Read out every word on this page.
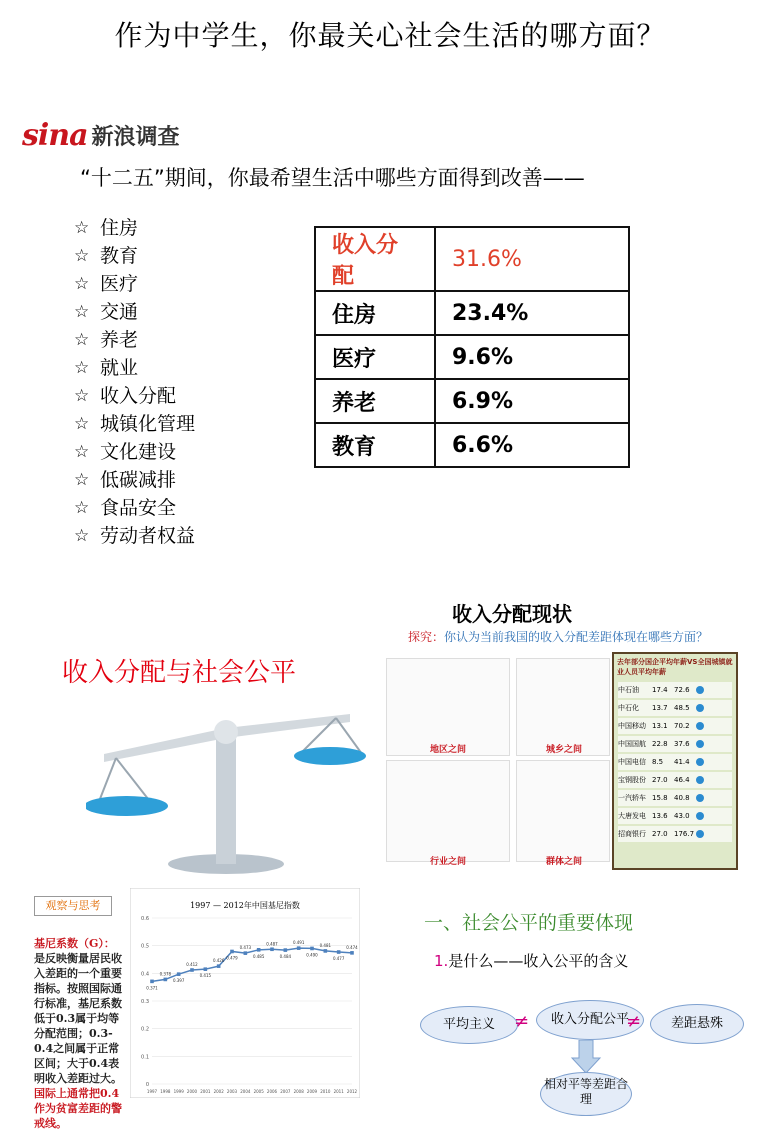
作为中学生，你最关心社会生活的哪方面？
sina 新浪调查
“十二五”期间，你最希望生活中哪些方面得到改善——
☆ 住房
☆ 教育
☆ 医疗
☆ 交通
☆ 养老
☆ 就业
☆ 收入分配
☆ 城镇化管理
☆ 文化建设
☆ 低碳减排
☆ 食品安全
☆ 劳动者权益
收入分配	31.6%
住房	23.4%
医疗	9.6%
养老	6.9%
教育	6.6%
收入分配与社会公平
收入分配现状
探究：你认为当前我国的收入分配差距体现在哪些方面？
地区之间	城乡之间
行业之间	群体之间
去年部分国企平均年薪VS全国城镇就业人员平均年薪
中石油	17.4 72.6
中石化	13.7 48.5
中国移动 13.1 70.2
中国国航 22.8 37.6
中国电信 8.5	41.4
宝钢股份 27.0 46.4
一汽轿车 15.8 40.8
大唐发电 13.6 43.0
招商银行 27.0 176.7
观察与思考
基尼系数（G）：是反映衡量居民收入差距的一个重要指标。按照国际通行标准，基尼系数低于0.3属于均等分配范围；0.3-0.4之间属于正常区间；大于0.4表明收入差距过大。国际上通常把0.4作为贫富差距的警戒线。
1997 — 2012年中国基尼指数
0.6
0.5
0.4
0.3
0.2
0.1
0
0.371
1997
0.378
1998
0.397
1999
0.412
2000
0.415
2001
0.426
2002
0.479
2003
0.473
2004
0.485
2005
0.487
2006
0.484
2007
0.491
2008
0.490
2009
0.481
2010
0.477
2011
0.474
2012
一、社会公平的重要体现
1.是什么——收入公平的含义
平均主义	≠	收入分配公平
≠	差距悬殊
相对平等差距合理
